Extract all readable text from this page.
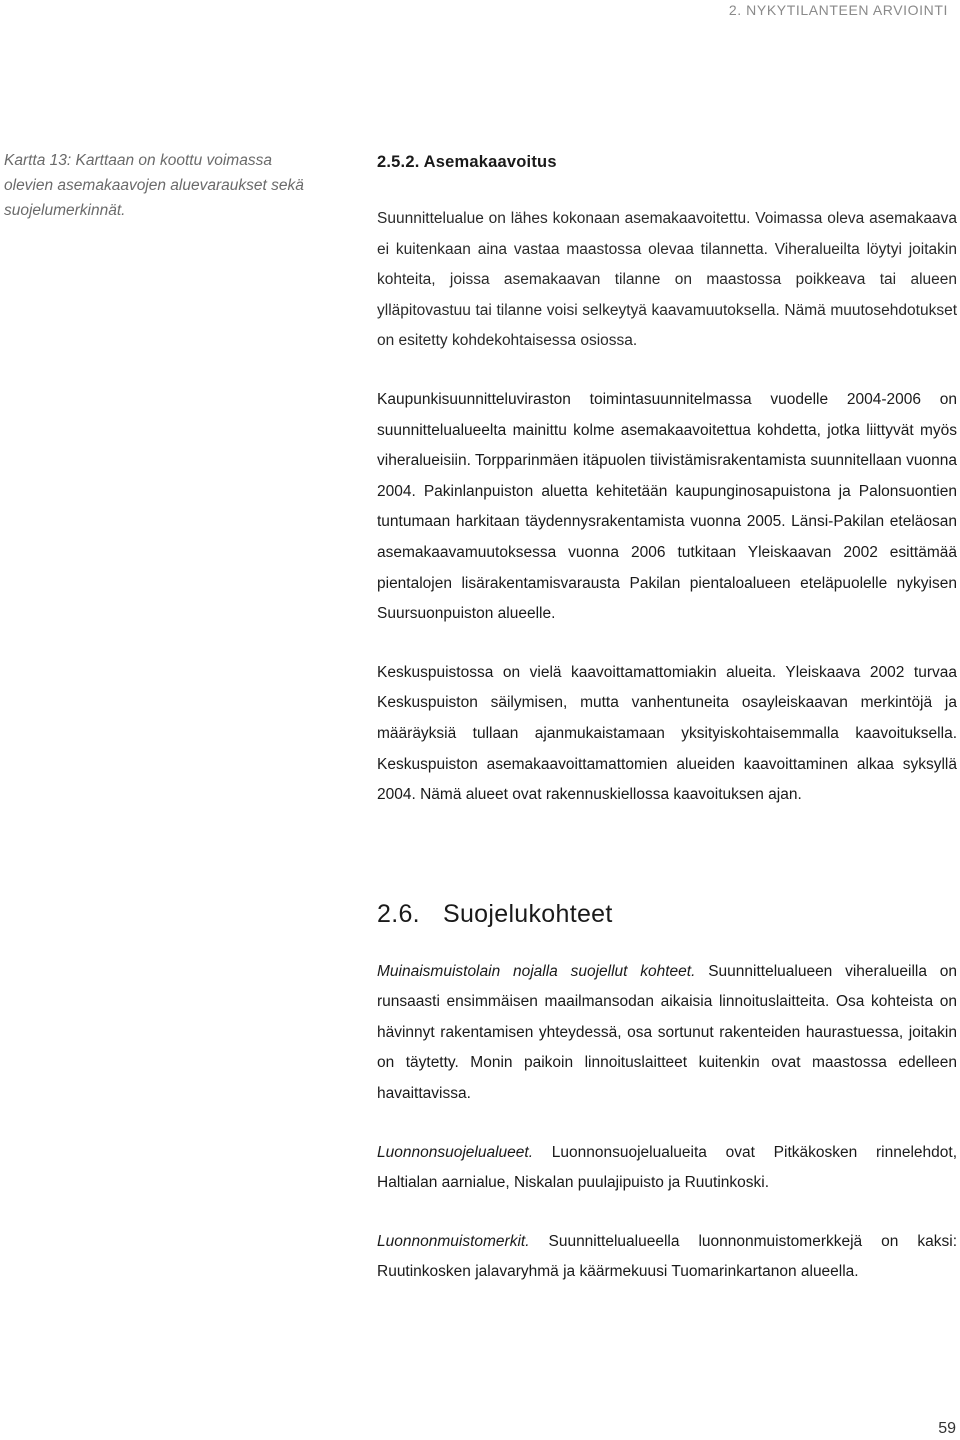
2. NYKYTILANTEEN ARVIOINTI
Kartta 13: Karttaan on koottu voimassa olevien asemakaavojen aluevaraukset sekä suojelumerkinnät.
2.5.2. Asemakaavoitus

Suunnittelualue on lähes kokonaan asemakaavoitettu. Voimassa oleva asemakaava ei kuitenkaan aina vastaa maastossa olevaa tilannetta. Viheralueilta löytyi joitakin kohteita, joissa asemakaavan tilanne on maastossa poikkeava tai alueen ylläpitovastuu tai tilanne voisi selkeytyä kaavamuutoksella. Nämä muutosehdotukset on esitetty kohdekohtaisessa osiossa.

Kaupunkisuunnitteluviraston toimintasuunnitelmassa vuodelle 2004-2006 on suunnittelualueelta mainittu kolme asemakaavoitettua kohdetta, jotka liittyvät myös viheralueisiin. Torpparinmäen itäpuolen tiivistämisrakentamista suunnitellaan vuonna 2004. Pakinlanpuiston aluetta kehitetään kaupunginosapuistona ja Palonsuontien tuntumaan harkitaan täydennysrakentamista vuonna 2005. Länsi-Pakilan eteläosan asemakaavamuutoksessa vuonna 2006 tutkitaan Yleiskaavan 2002 esittämää pientalojen lisärakentamisvarausta Pakilan pientaloalueen eteläpuolelle nykyisen Suursuonpuiston alueelle.

Keskuspuistossa on vielä kaavoittamattomiakin alueita. Yleiskaava 2002 turvaa Keskuspuiston säilymisen, mutta vanhentuneita osayleiskaavan merkintöjä ja määräyksiä tullaan ajanmukaistamaan yksityiskohtaisemmalla kaavoituksella. Keskuspuiston asemakaavoittamattomien alueiden kaavoittaminen alkaa syksyllä 2004. Nämä alueet ovat rakennuskiellossa kaavoituksen ajan.

2.6. Suojelukohteet

Muinaismuistolain nojalla suojellut kohteet. Suunnittelualueen viheralueilla on runsaasti ensimmäisen maailmansodan aikaisia linnoituslaitteita. Osa kohteista on hävinnyt rakentamisen yhteydessä, osa sortunut rakenteiden haurastuessa, joitakin on täytetty. Monin paikoin linnoituslaitteet kuitenkin ovat maastossa edelleen havaittavissa.

Luonnonsuojelualueet. Luonnonsuojelualueita ovat Pitkäkosken rinnelehdot, Haltialan aarnialue, Niskalan puulajipuisto ja Ruutinkoski.

Luonnonmuistomerkit. Suunnittelualueella luonnonmuistomerkkejä on kaksi: Ruutinkosken jalavaryhmä ja käärmekuusi Tuomarinkartanon alueella.

59
